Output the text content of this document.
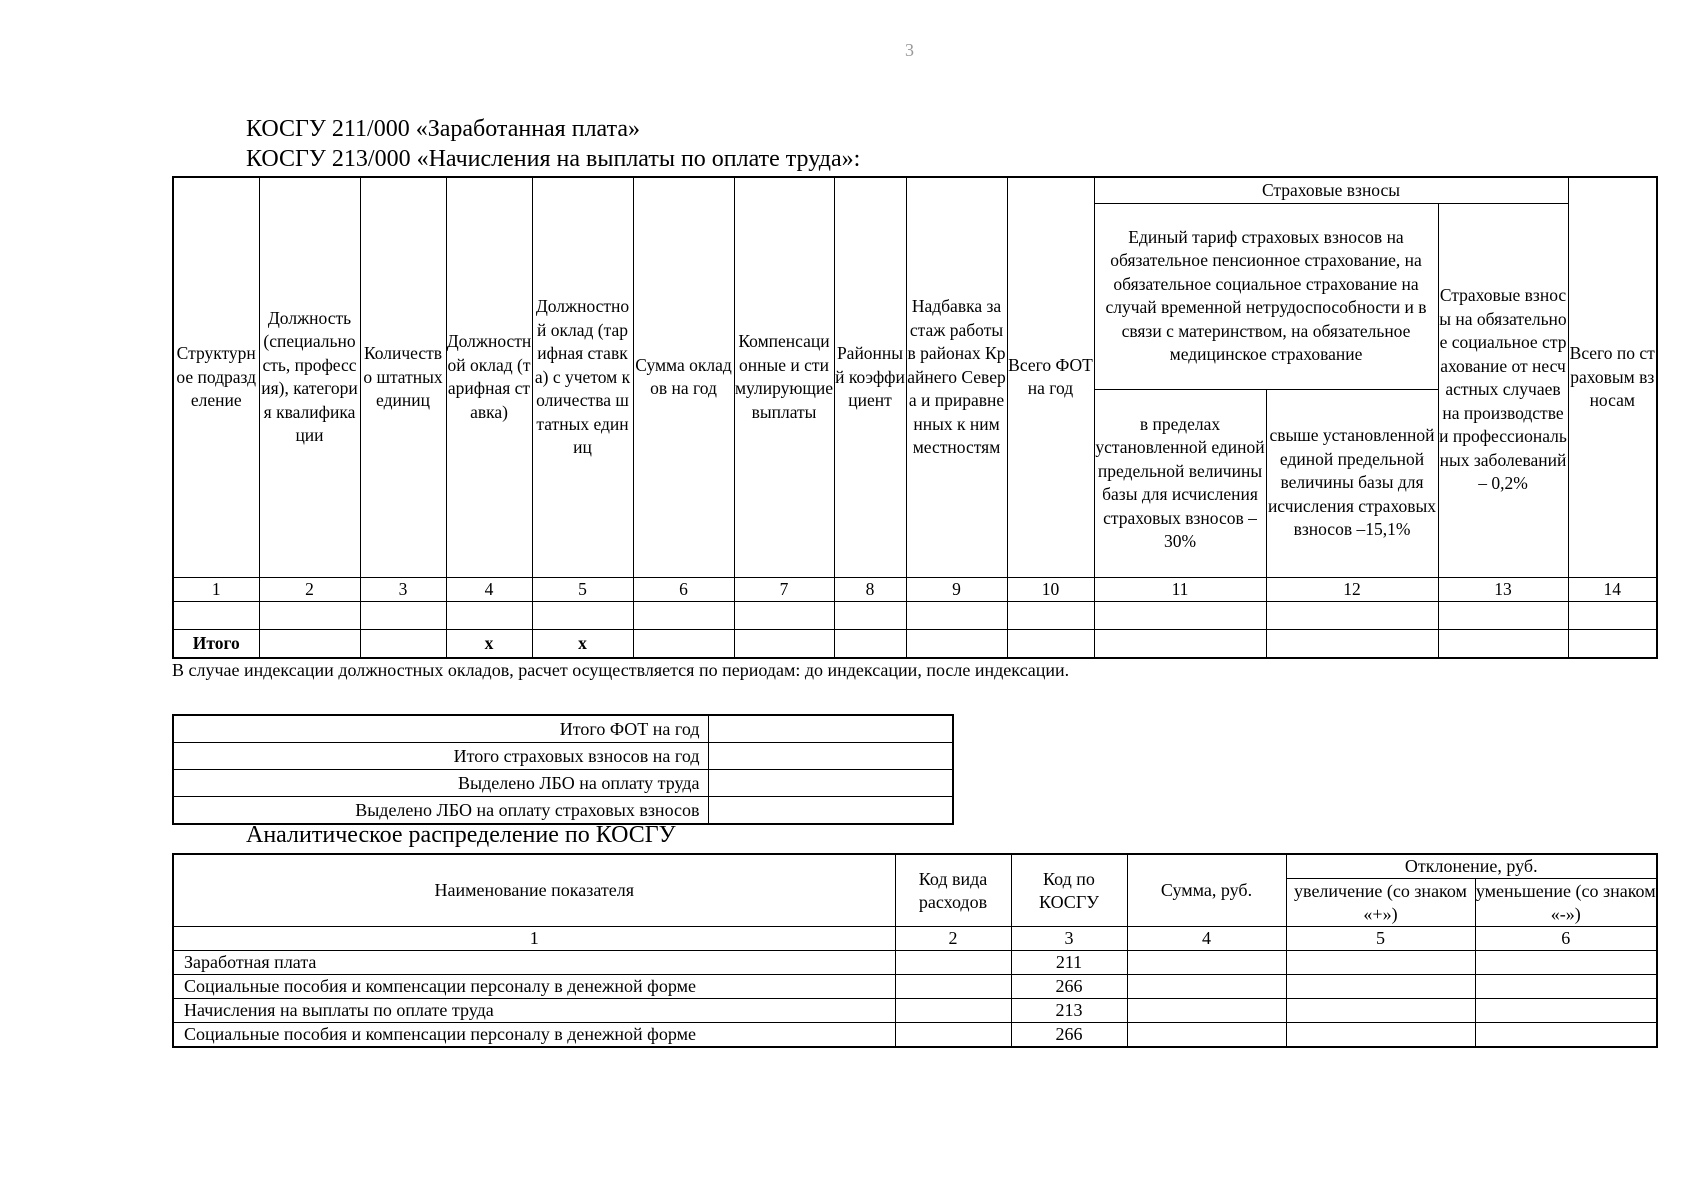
3
КОСГУ 211/000 «Заработанная плата»
КОСГУ 213/000 «Начисления на выплаты по оплате труда»:
Структурное подразделение	Должность (специальность, профессия), категория квалификации	Количество штатных единиц	Должностной оклад (тарифная ставка)	Должностной оклад (тарифная ставка) с учетом количества штатных единиц	Сумма окладов на год	Компенсационные и стимулирующие выплаты	Районный коэффициент	Надбавка за стаж работы в районах Крайнего Севера и приравненных к ним местностям	Всего ФОТ на год	Страховые взносы			Всего по страховым взносам
										Единый тариф страховых взносов на обязательное пенсионное страхование, на обязательное социальное страхование на случай временной нетрудоспособности и в связи с материнством, на обязательное медицинское страхование		Страховые взносы на обязательное социальное страхование от несчастных случаев на производстве и профессиональных заболеваний – 0,2%	
										в пределах установленной единой предельной величины базы для исчисления страховых взносов – 30%	свыше установленной единой предельной величины базы для исчисления страховых взносов –15,1%		
1	2	3	4	5	6	7	8	9	10	11	12	13	14

Итого			х	х									
В случае индексации должностных окладов, расчет осуществляется по периодам: до индексации, после индексации.
Итого ФОТ на год	
Итого страховых взносов на год	
Выделено ЛБО на оплату труда	
Выделено ЛБО на оплату страховых взносов	
Аналитическое распределение по КОСГУ
Наименование показателя	Код вида расходов	Код по КОСГУ	Сумма, руб.	Отклонение, руб.	
				увеличение (со знаком «+»)	уменьшение (со знаком «-»)
1	2	3	4	5	6
Заработная плата		211			
Социальные пособия и компенсации персоналу в денежной форме		266			
Начисления на выплаты по оплате труда		213			
Социальные пособия и компенсации персоналу в денежной форме		266			
